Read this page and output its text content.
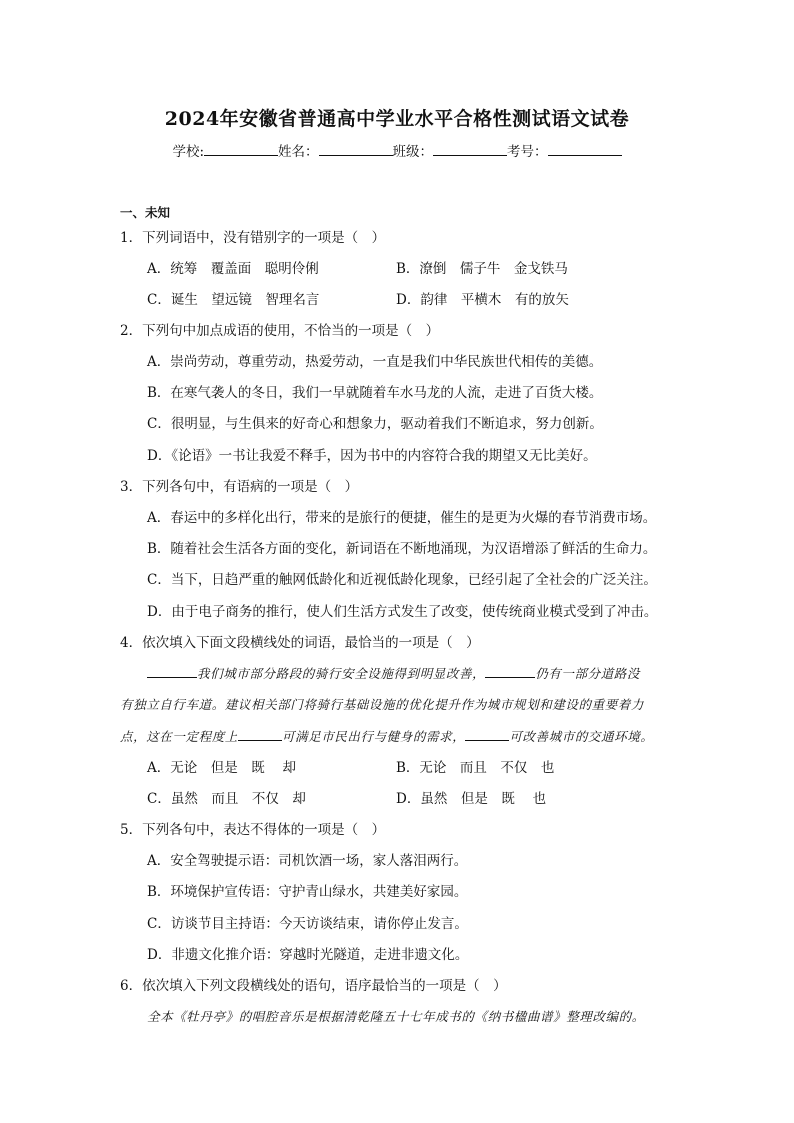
2024年安徽省普通高中学业水平合格性测试语文试卷
学校:	姓名：	班级：	考号：
一、未知
1．下列词语中，没有错别字的一项是（　）
A．统筹　覆盖面　聪明伶俐	B．潦倒　儒子牛　金戈铁马
C．诞生　望远镜　智理名言	D．韵律　平横木　有的放矢
2．下列句中加点成语的使用，不恰当的一项是（　）
A．崇尚劳动，尊重劳动，热爱劳动，一直是我们中华民族世代相传的美德。
B．在寒气袭人的冬日，我们一早就随着车水马龙的人流，走进了百货大楼。
C．很明显，与生俱来的好奇心和想象力，驱动着我们不断追求，努力创新。
D．《论语》一书让我爱不释手，因为书中的内容符合我的期望又无比美好。
3．下列各句中，有语病的一项是（　）
A．春运中的多样化出行，带来的是旅行的便捷，催生的是更为火爆的春节消费市场。
B．随着社会生活各方面的变化，新词语在不断地涌现，为汉语增添了鲜活的生命力。
C．当下，日趋严重的触网低龄化和近视低龄化现象，已经引起了全社会的广泛关注。
D．由于电子商务的推行，使人们生活方式发生了改变，使传统商业模式受到了冲击。
4．依次填入下面文段横线处的词语，最恰当的一项是（　）
我们城市部分路段的骑行安全设施得到明显改善，	仍有一部分道路没
有独立自行车道。建议相关部门将骑行基础设施的优化提升作为城市规划和建设的重要着力
点，这在一定程度上	可满足市民出行与健身的需求，	可改善城市的交通环境。
A．无论　但是　既　 却	B．无论　而且　不仅　也
C．虽然　而且　不仅　却	D．虽然　但是　既　 也
5．下列各句中，表达不得体的一项是（　）
A．安全驾驶提示语：司机饮酒一场，家人落泪两行。
B．环境保护宣传语：守护青山绿水，共建美好家园。
C．访谈节目主持语：今天访谈结束，请你停止发言。
D．非遗文化推介语：穿越时光隧道，走进非遗文化。
6．依次填入下列文段横线处的语句，语序最恰当的一项是（　）
全本《牡丹亭》的唱腔音乐是根据清乾隆五十七年成书的《纳书楹曲谱》整理改编的。
